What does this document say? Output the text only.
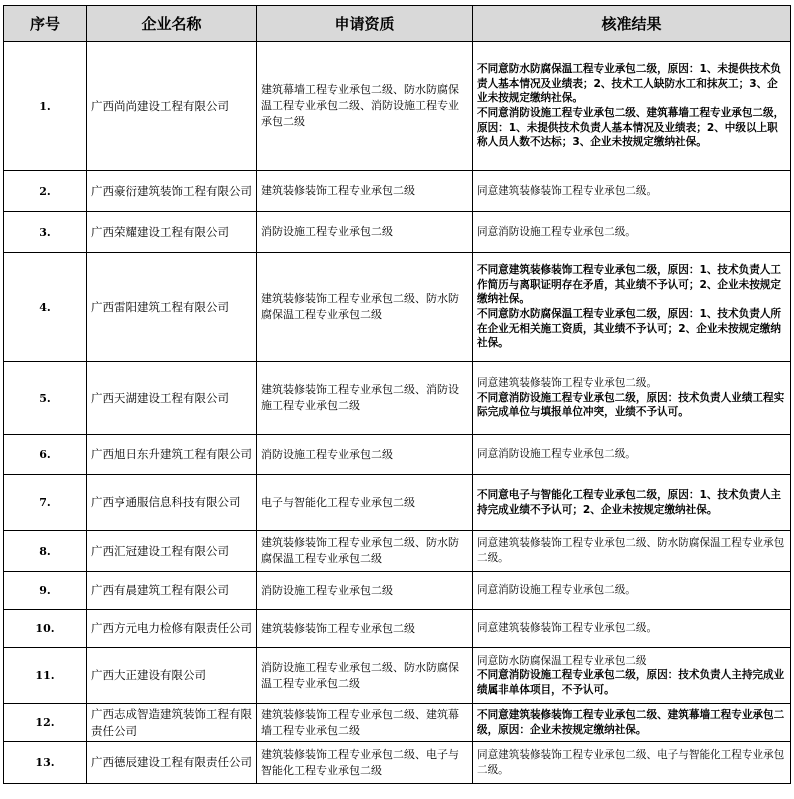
序号	企业名称	申请资质	核准结果
1.	广西尚尚建设工程有限公司	建筑幕墙工程专业承包二级、防水防腐保温工程专业承包二级、消防设施工程专业承包二级	不同意防水防腐保温工程专业承包二级，原因：1、未提供技术负责人基本情况及业绩表；2、技术工人缺防水工和抹灰工；3、企业未按规定缴纳社保。
不同意消防设施工程专业承包二级、建筑幕墙工程专业承包二级，原因：1、未提供技术负责人基本情况及业绩表；2、中级以上职称人员人数不达标；3、企业未按规定缴纳社保。

2.	广西豪衍建筑装饰工程有限公司	建筑装修装饰工程专业承包二级	同意建筑装修装饰工程专业承包二级。

3.	广西荣耀建设工程有限公司	消防设施工程专业承包二级	同意消防设施工程专业承包二级。

4.	广西雷阳建筑工程有限公司	建筑装修装饰工程专业承包二级、防水防腐保温工程专业承包二级	不同意建筑装修装饰工程专业承包二级，原因：1、技术负责人工作简历与离职证明存在矛盾，其业绩不予认可；2、企业未按规定缴纳社保。
不同意防水防腐保温工程专业承包二级，原因：1、技术负责人所在企业无相关施工资质，其业绩不予认可；2、企业未按规定缴纳社保。

5.	广西天湖建设工程有限公司	建筑装修装饰工程专业承包二级、消防设施工程专业承包二级	同意建筑装修装饰工程专业承包二级。
不同意消防设施工程专业承包二级，原因：技术负责人业绩工程实际完成单位与填报单位冲突，业绩不予认可。

6.	广西旭日东升建筑工程有限公司	消防设施工程专业承包二级	同意消防设施工程专业承包二级。

7.	广西亨通服信息科技有限公司	电子与智能化工程专业承包二级	不同意电子与智能化工程专业承包二级，原因：1、技术负责人主持完成业绩不予认可；2、企业未按规定缴纳社保。

8.	广西汇冠建设工程有限公司	建筑装修装饰工程专业承包二级、防水防腐保温工程专业承包二级	同意建筑装修装饰工程专业承包二级、防水防腐保温工程专业承包二级。

9.	广西有晨建筑工程有限公司	消防设施工程专业承包二级	同意消防设施工程专业承包二级。

10.	广西方元电力检修有限责任公司	建筑装修装饰工程专业承包二级	同意建筑装修装饰工程专业承包二级。

11.	广西大正建设有限公司	消防设施工程专业承包二级、防水防腐保温工程专业承包二级	同意防水防腐保温工程专业承包二级
不同意消防设施工程专业承包二级，原因：技术负责人主持完成业绩属非单体项目，不予认可。

12.	广西志成智造建筑装饰工程有限责任公司	建筑装修装饰工程专业承包二级、建筑幕墙工程专业承包二级	不同意建筑装修装饰工程专业承包二级、建筑幕墙工程专业承包二级，原因：企业未按规定缴纳社保。

13.	广西德辰建设工程有限责任公司	建筑装修装饰工程专业承包二级、电子与智能化工程专业承包二级	同意建筑装修装饰工程专业承包二级、电子与智能化工程专业承包二级。
